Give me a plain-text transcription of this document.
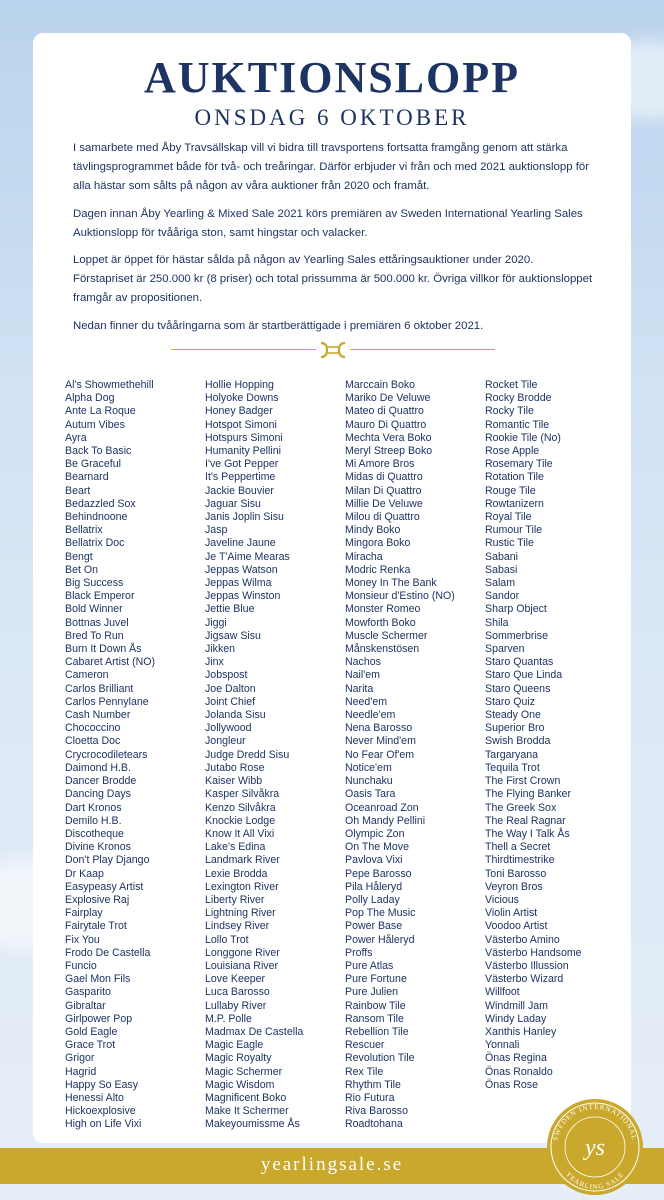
AUKTIONSLOPP
ONSDAG 6 OKTOBER

I samarbete med Åby Travsällskap vill vi bidra till travsportens fortsatta framgång genom att stärka tävlingsprogrammet både för två- och treåringar. Därför erbjuder vi från och med 2021 auktionslopp för alla hästar som sålts på någon av våra auktioner från 2020 och framåt.

Dagen innan Åby Yearling & Mixed Sale 2021 körs premiären av Sweden International Yearling Sales Auktionslopp för tvååriga ston, samt hingstar och valacker.

Loppet är öppet för hästar sålda på någon av Yearling Sales ettåringsauktioner under 2020. Förstapriset är 250.000 kr (8 priser) och total prissumma är 500.000 kr. Övriga villkor för auktionsloppet framgår av propositionen.

Nedan finner du tvååringarna som är startberättigade i premiären 6 oktober 2021.

Al's Showmethehill
Alpha Dog
Ante La Roque
Autum Vibes
Ayra
Back To Basic
Be Graceful
Bearnard
Beart
Bedazzled Sox
Behindnoone
Bellatrix
Bellatrix Doc
Bengt
Bet On
Big Success
Black Emperor
Bold Winner
Bottnas Juvel
Bred To Run
Burn It Down Ås
Cabaret Artist (NO)
Cameron
Carlos Brilliant
Carlos Pennylane
Cash Number
Chococcino
Cloetta Doc
Crycrocodiletears
Daimond H.B.
Dancer Brodde
Dancing Days
Dart Kronos
Demilo H.B.
Discotheque
Divine Kronos
Don't Play Django
Dr Kaap
Easypeasy Artist
Explosive Raj
Fairplay
Fairytale Trot
Fix You
Frodo De Castella
Funcio
Gael Mon Fils
Gasparito
Gibraltar
Girlpower Pop
Gold Eagle
Grace Trot
Grigor
Hagrid
Happy So Easy
Henessi Alto
Hickoexplosive
High on Life Vixi
Hollie Hopping
Holyoke Downs
Honey Badger
Hotspot Simoni
Hotspurs Simoni
Humanity Pellini
I've Got Pepper
It's Peppertime
Jackie Bouvier
Jaguar Sisu
Janis Joplin Sisu
Jasp
Javeline Jaune
Je T'Aime Mearas
Jeppas Watson
Jeppas Wilma
Jeppas Winston
Jettie Blue
Jiggi
Jigsaw Sisu
Jikken
Jinx
Jobspost
Joe Dalton
Joint Chief
Jolanda Sisu
Jollywood
Jongleur
Judge Dredd Sisu
Jutabo Rose
Kaiser Wibb
Kasper Silvåkra
Kenzo Silvåkra
Knockie Lodge
Know It All Vixi
Lake's Edina
Landmark River
Lexie Brodda
Lexington River
Liberty River
Lightning River
Lindsey River
Lollo Trot
Longgone River
Louisiana River
Love Keeper
Luca Barosso
Lullaby River
M.P. Polle
Madmax De Castella
Magic Eagle
Magic Royalty
Magic Schermer
Magic Wisdom
Magnificent Boko
Make It Schermer
Makeyoumissme Ås
Marccain Boko
Mariko De Veluwe
Mateo di Quattro
Mauro Di Quattro
Mechta Vera Boko
Meryl Streep Boko
Mi Amore Bros
Midas di Quattro
Milan Di Quattro
Millie De Veluwe
Milou di Quattro
Mindy Boko
Mingora Boko
Miracha
Modric Renka
Money In The Bank
Monsieur d'Estino (NO)
Monster Romeo
Mowforth Boko
Muscle Schermer
Månskenstösen
Nachos
Nail'em
Narita
Need'em
Needle'em
Nena Barosso
Never Mind'em
No Fear Of'em
Notice'em
Nunchaku
Oasis Tara
Oceanroad Zon
Oh Mandy Pellini
Olympic Zon
On The Move
Pavlova Vixi
Pepe Barosso
Pila Håleryd
Polly Laday
Pop The Music
Power Base
Power Håleryd
Proffs
Pure Atlas
Pure Fortune
Pure Julien
Rainbow Tile
Ransom Tile
Rebellion Tile
Rescuer
Revolution Tile
Rex Tile
Rhythm Tile
Rio Futura
Riva Barosso
Roadtohana
Rocket Tile
Rocky Brodde
Rocky Tile
Romantic Tile
Rookie Tile (No)
Rose Apple
Rosemary Tile
Rotation Tile
Rouge Tile
Rowtanizern
Royal Tile
Rumour Tile
Rustic Tile
Sabani
Sabasi
Salam
Sandor
Sharp Object
Shila
Sommerbrise
Sparven
Staro Quantas
Staro Que Linda
Staro Queens
Staro Quiz
Steady One
Superior Bro
Swish Brodda
Targaryana
Tequila Trot
The First Crown
The Flying Banker
The Greek Sox
The Real Ragnar
The Way I Talk Ås
Thell a Secret
Thirdtimestrike
Toni Barosso
Veyron Bros
Vicious
Violin Artist
Voodoo Artist
Västerbo Amino
Västerbo Handsome
Västerbo Illussion
Västerbo Wizard
Willfoot
Windmill Jam
Windy Laday
Xanthis Hanley
Yonnali
Önas Regina
Önas Ronaldo
Önas Rose
yearlingsale.se
SWEDEN INTERNATIONAL
YEARLING SALE
ys
